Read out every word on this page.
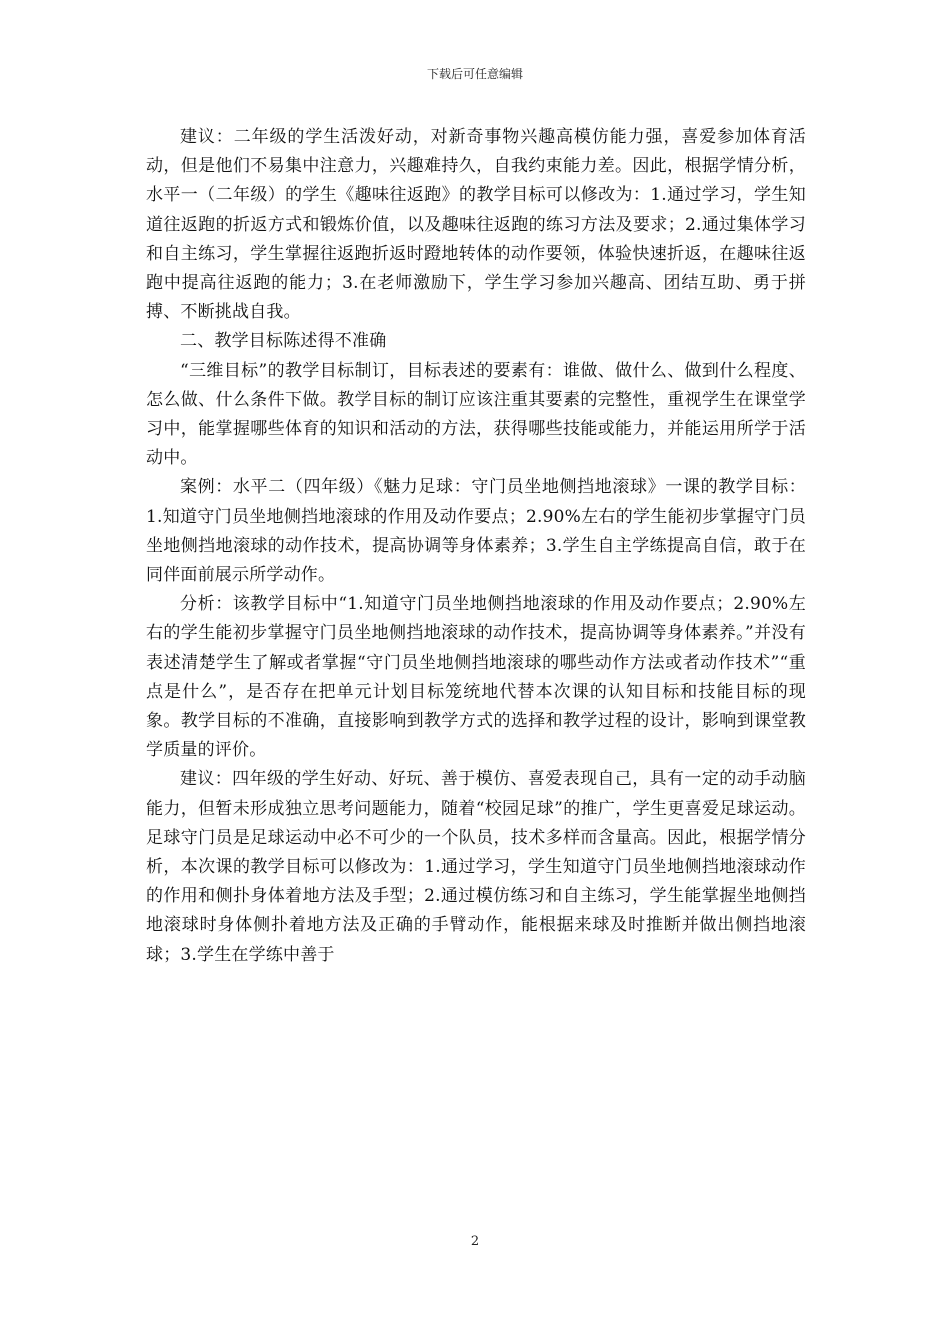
下载后可任意编辑

建议：二年级的学生活泼好动，对新奇事物兴趣高模仿能力强，喜爱参加体育活动，但是他们不易集中注意力，兴趣难持久，自我约束能力差。因此，根据学情分析，水平一（二年级）的学生《趣味往返跑》的教学目标可以修改为：1.通过学习，学生知道往返跑的折返方式和锻炼价值，以及趣味往返跑的练习方法及要求；2.通过集体学习和自主练习，学生掌握往返跑折返时蹬地转体的动作要领，体验快速折返，在趣味往返跑中提高往返跑的能力；3.在老师激励下，学生学习参加兴趣高、团结互助、勇于拼搏、不断挑战自我。

二、教学目标陈述得不准确

“三维目标”的教学目标制订，目标表述的要素有：谁做、做什么、做到什么程度、怎么做、什么条件下做。教学目标的制订应该注重其要素的完整性，重视学生在课堂学习中，能掌握哪些体育的知识和活动的方法，获得哪些技能或能力，并能运用所学于活动中。

案例：水平二（四年级）《魅力足球：守门员坐地侧挡地滚球》一课的教学目标：1.知道守门员坐地侧挡地滚球的作用及动作要点；2.90%左右的学生能初步掌握守门员坐地侧挡地滚球的动作技术，提高协调等身体素养；3.学生自主学练提高自信，敢于在同伴面前展示所学动作。

分析：该教学目标中“1.知道守门员坐地侧挡地滚球的作用及动作要点；2.90%左右的学生能初步掌握守门员坐地侧挡地滚球的动作技术，提高协调等身体素养。”并没有表述清楚学生了解或者掌握“守门员坐地侧挡地滚球的哪些动作方法或者动作技术”“重点是什么”，是否存在把单元计划目标笼统地代替本次课的认知目标和技能目标的现象。教学目标的不准确，直接影响到教学方式的选择和教学过程的设计，影响到课堂教学质量的评价。

建议：四年级的学生好动、好玩、善于模仿、喜爱表现自己，具有一定的动手动脑能力，但暂未形成独立思考问题能力，随着“校园足球”的推广，学生更喜爱足球运动。足球守门员是足球运动中必不可少的一个队员，技术多样而含量高。因此，根据学情分析，本次课的教学目标可以修改为：1.通过学习，学生知道守门员坐地侧挡地滚球动作的作用和侧扑身体着地方法及手型；2.通过模仿练习和自主练习，学生能掌握坐地侧挡地滚球时身体侧扑着地方法及正确的手臂动作，能根据来球及时推断并做出侧挡地滚球；3.学生在学练中善于

2
